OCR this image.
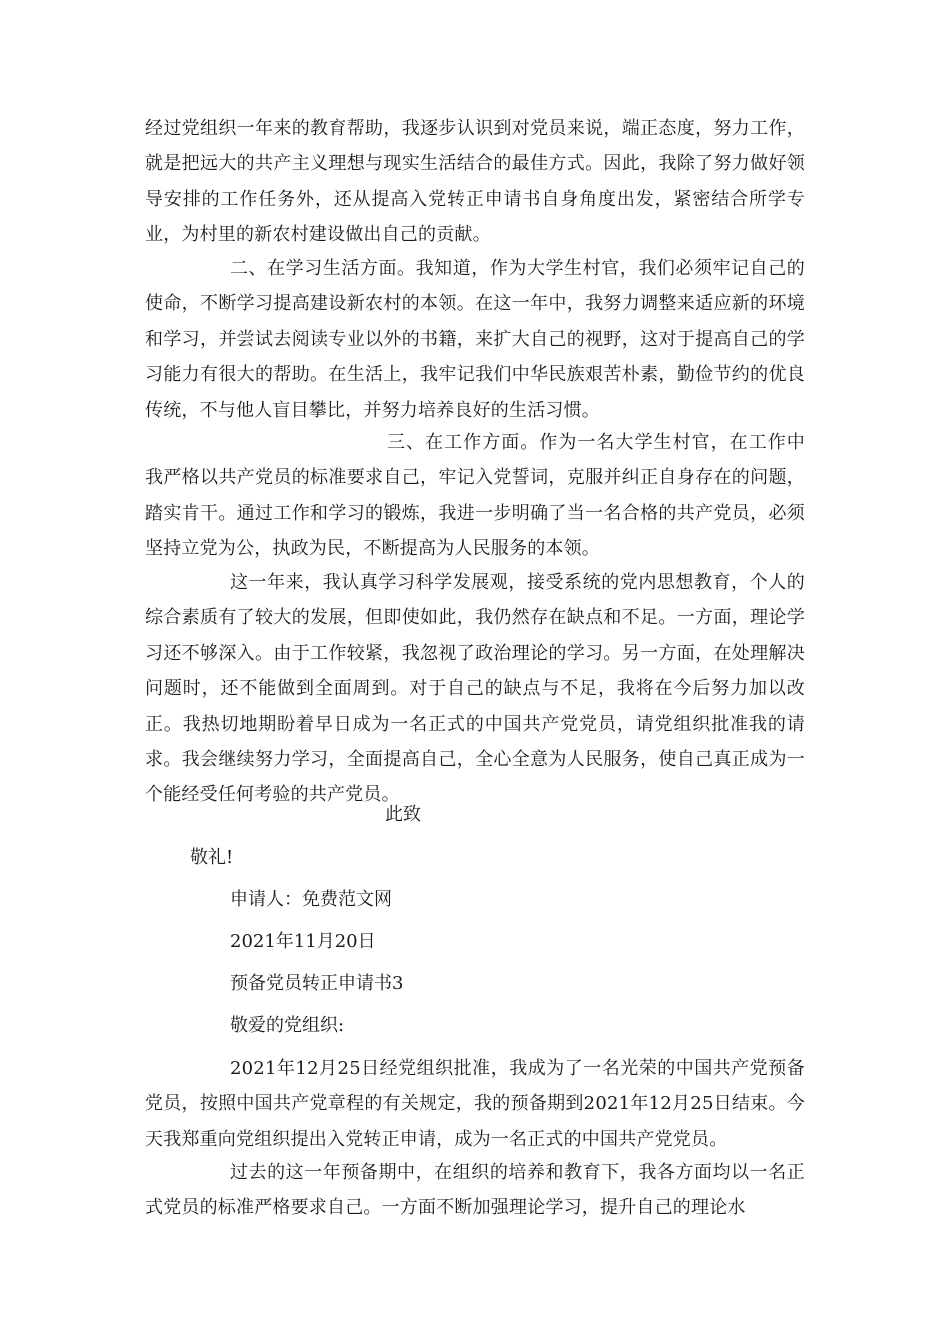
经过党组织一年来的教育帮助，我逐步认识到对党员来说，端正态度，努力工作，就是把远大的共产主义理想与现实生活结合的最佳方式。因此，我除了努力做好领导安排的工作任务外，还从提高入党转正申请书自身角度出发，紧密结合所学专业，为村里的新农村建设做出自己的贡献。

二、在学习生活方面。我知道，作为大学生村官，我们必须牢记自己的使命，不断学习提高建设新农村的本领。在这一年中，我努力调整来适应新的环境和学习，并尝试去阅读专业以外的书籍，来扩大自己的视野，这对于提高自己的学习能力有很大的帮助。在生活上，我牢记我们中华民族艰苦朴素，勤俭节约的优良传统，不与他人盲目攀比，并努力培养良好的生活习惯。

三、在工作方面。作为一名大学生村官，在工作中我严格以共产党员的标准要求自己，牢记入党誓词，克服并纠正自身存在的问题，踏实肯干。通过工作和学习的锻炼，我进一步明确了当一名合格的共产党员，必须坚持立党为公，执政为民，不断提高为人民服务的本领。

这一年来，我认真学习科学发展观，接受系统的党内思想教育，个人的综合素质有了较大的发展，但即使如此，我仍然存在缺点和不足。一方面，理论学习还不够深入。由于工作较紧，我忽视了政治理论的学习。另一方面，在处理解决问题时，还不能做到全面周到。对于自己的缺点与不足，我将在今后努力加以改正。我热切地期盼着早日成为一名正式的中国共产党党员，请党组织批准我的请求。我会继续努力学习，全面提高自己，全心全意为人民服务，使自己真正成为一个能经受任何考验的共产党员。

此致

敬礼!

申请人：免费范文网

2021年11月20日

预备党员转正申请书3

敬爱的党组织:

2021年12月25日经党组织批准，我成为了一名光荣的中国共产党预备党员，按照中国共产党章程的有关规定，我的预备期到2021年12月25日结束。今天我郑重向党组织提出入党转正申请，成为一名正式的中国共产党党员。

过去的这一年预备期中，在组织的培养和教育下，我各方面均以一名正式党员的标准严格要求自己。一方面不断加强理论学习，提升自己的理论水
